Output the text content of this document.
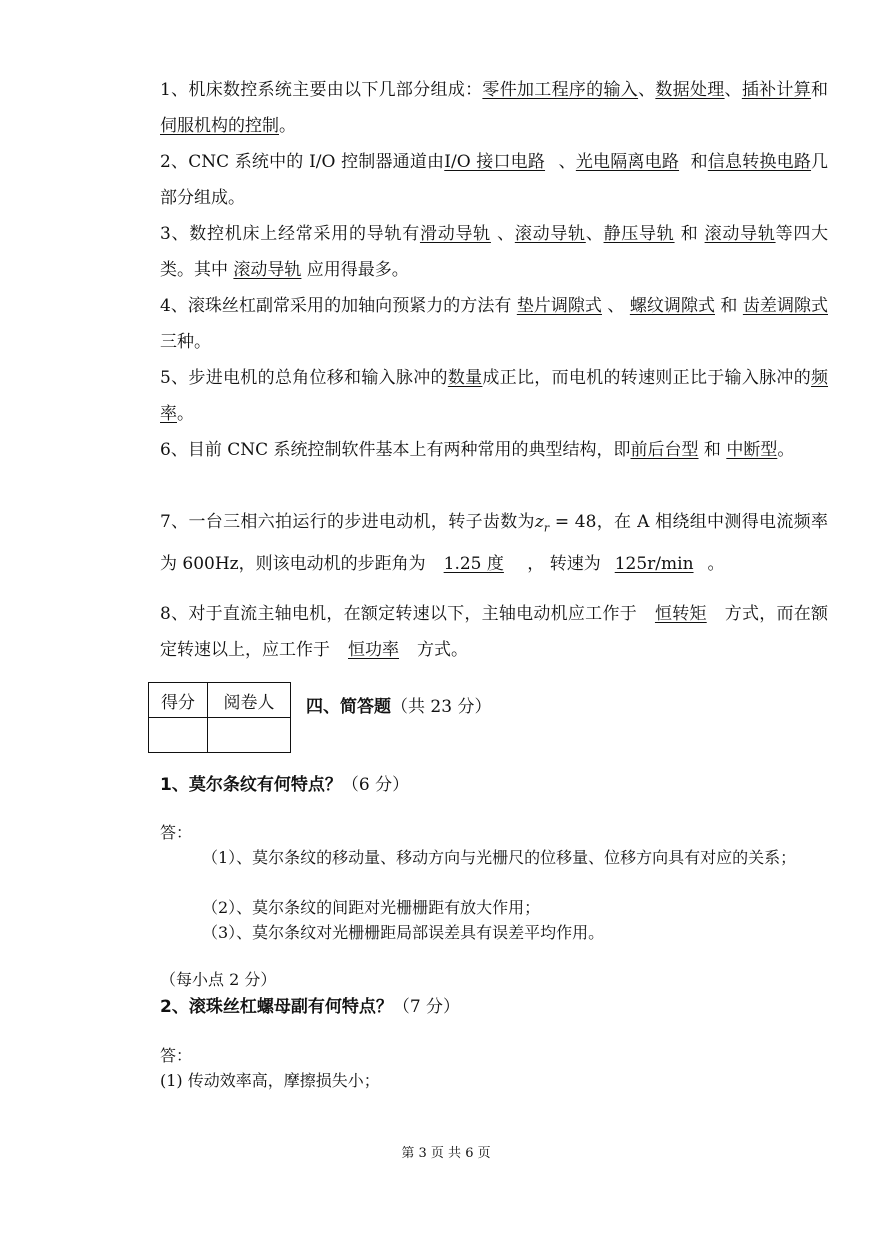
1、机床数控系统主要由以下几部分组成：零件加工程序的输入、数据处理、插补计算和伺服机构的控制。
2、CNC 系统中的 I/O 控制器通道由I/O 接口电路 、光电隔离电路 和信息转换电路几部分组成。
3、数控机床上经常采用的导轨有滑动导轨 、滚动导轨、静压导轨 和 滚动导轨等四大类。其中 滚动导轨 应用得最多。
4、滚珠丝杠副常采用的加轴向预紧力的方法有 垫片调隙式 、 螺纹调隙式 和 齿差调隙式 三种。
5、步进电机的总角位移和输入脉冲的数量成正比，而电机的转速则正比于输入脉冲的频率。
6、目前 CNC 系统控制软件基本上有两种常用的典型结构，即前后台型 和 中断型。
7、一台三相六拍运行的步进电动机，转子齿数为$z_r = 48$，在 A 相绕组中测得电流频率为 600Hz，则该电动机的步距角为 1.25 度 ， 转速为 125r/min 。
8、对于直流主轴电机，在额定转速以下，主轴电动机应工作于 恒转矩 方式，而在额定转速以上，应工作于 恒功率 方式。
得分	阅卷人
	四、简答题（共 23 分）
1、莫尔条纹有何特点？（6 分）
答：
（1）、莫尔条纹的移动量、移动方向与光栅尺的位移量、位移方向具有对应的关系；
（2）、莫尔条纹的间距对光栅栅距有放大作用；
（3）、莫尔条纹对光栅栅距局部误差具有误差平均作用。
（每小点 2 分）
2、滚珠丝杠螺母副有何特点？（7 分）
答：
(1) 传动效率高，摩擦损失小；
第 3 页 共 6 页
